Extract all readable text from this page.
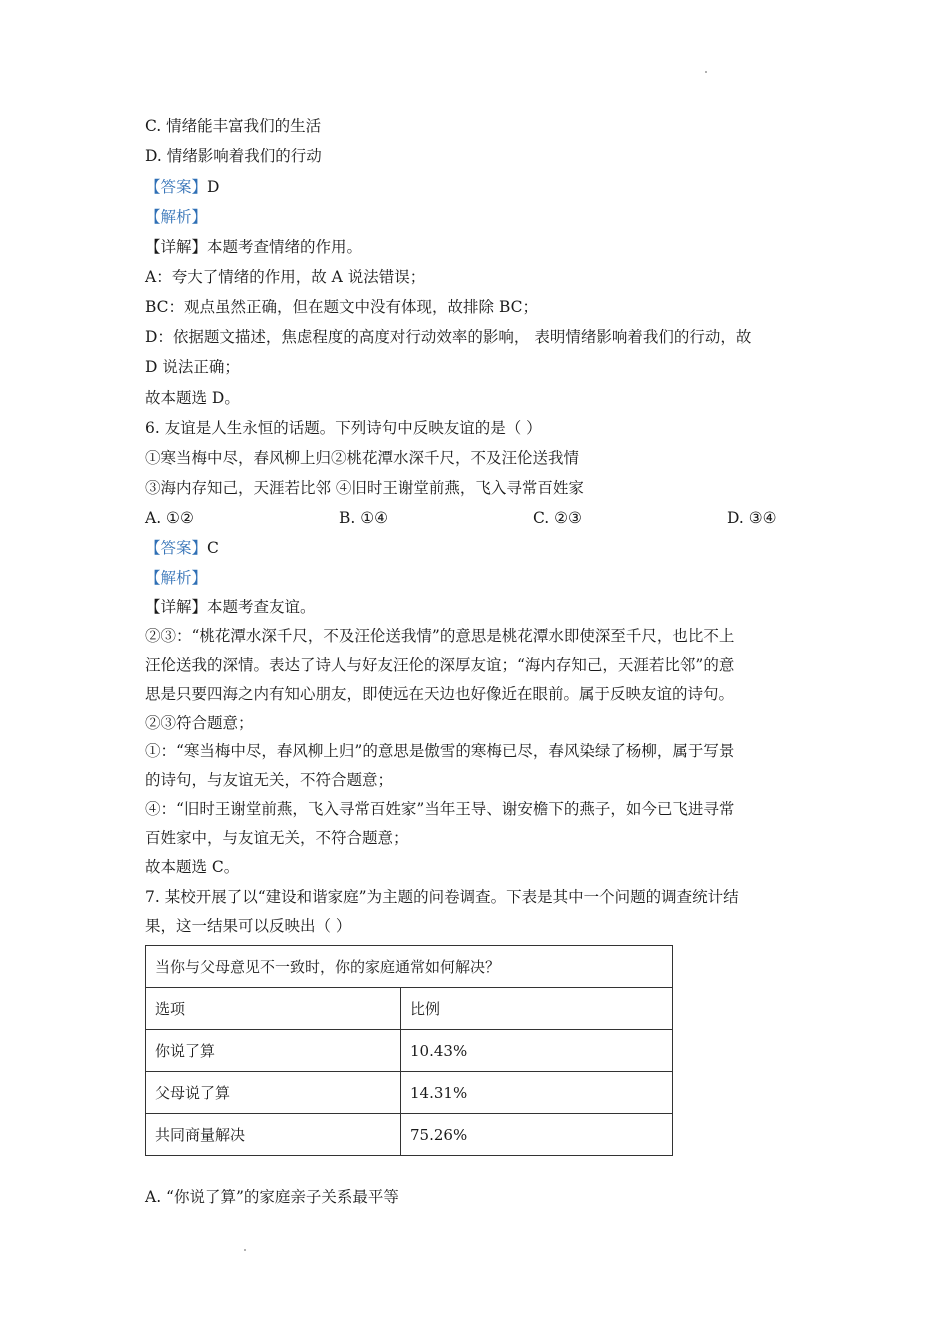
C. 情绪能丰富我们的生活
D. 情绪影响着我们的行动
【答案】D
【解析】
【详解】本题考查情绪的作用。
A：夸大了情绪的作用，故 A 说法错误；
BC：观点虽然正确，但在题文中没有体现，故排除 BC；
D：依据题文描述，焦虑程度的高度对行动效率的影响， 表明情绪影响着我们的行动，故
D 说法正确；
故本题选 D。
6. 友谊是人生永恒的话题。下列诗句中反映友谊的是（ ）
①寒当梅中尽，春风柳上归②桃花潭水深千尺，不及汪伦送我情
③海内存知己，天涯若比邻 ④旧时王谢堂前燕，飞入寻常百姓家
A. ①②	B. ①④	C. ②③	D. ③④
【答案】C
【解析】
【详解】本题考查友谊。
②③：“桃花潭水深千尺，不及汪伦送我情”的意思是桃花潭水即使深至千尺，也比不上
汪伦送我的深情。表达了诗人与好友汪伦的深厚友谊；“海内存知己，天涯若比邻”的意
思是只要四海之内有知心朋友，即使远在天边也好像近在眼前。属于反映友谊的诗句。
②③符合题意；
①：“寒当梅中尽，春风柳上归”的意思是傲雪的寒梅已尽，春风染绿了杨柳，属于写景
的诗句，与友谊无关，不符合题意；
④：“旧时王谢堂前燕，飞入寻常百姓家”当年王导、谢安檐下的燕子，如今已飞进寻常
百姓家中，与友谊无关，不符合题意；
故本题选 C。
7. 某校开展了以“建设和谐家庭”为主题的问卷调查。下表是其中一个问题的调查统计结
果，这一结果可以反映出（ ）
当你与父母意见不一致时，你的家庭通常如何解决？	
选项	比例
你说了算	10.43%
父母说了算	14.31%
共同商量解决	75.26%
A. “你说了算”的家庭亲子关系最平等
